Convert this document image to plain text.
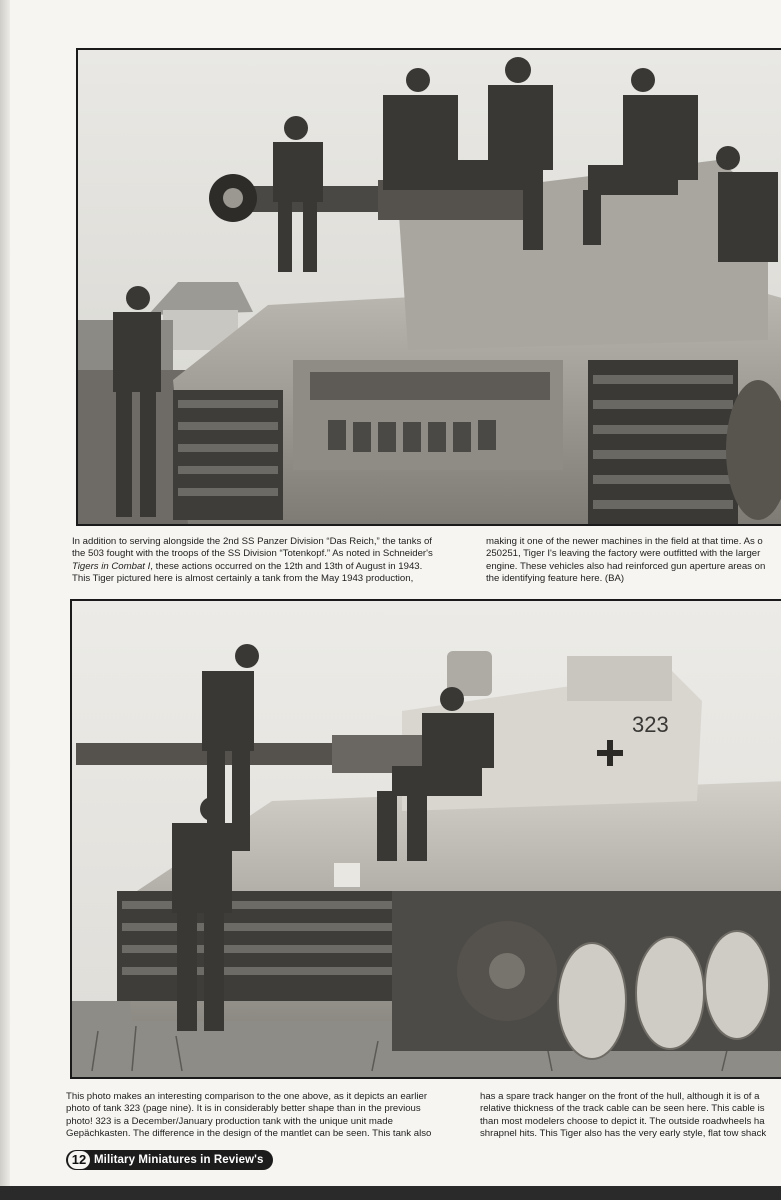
In addition to serving alongside the 2nd SS Panzer Division “Das Reich,” the tanks of
the 503 fought with the troops of the SS Division “Totenkopf.” As noted in Schneider's
Tigers in Combat I, these actions occurred on the 12th and 13th of August in 1943.
This Tiger pictured here is almost certainly a tank from the May 1943 production,
making it one of the newer machines in the field at that time. As o
250251, Tiger I's leaving the factory were outfitted with the larger
engine. These vehicles also had reinforced gun aperture areas on
the identifying feature here. (BA)
323
This photo makes an interesting comparison to the one above, as it depicts an earlier
photo of tank 323 (page nine). It is in considerably better shape than in the previous
photo! 323 is a December/January production tank with the unique unit made
Gepächkasten. The difference in the design of the mantlet can be seen. This tank also
has a spare track hanger on the front of the hull, although it is of a
relative thickness of the track cable can be seen here. This cable is
than most modelers choose to depict it. The outside roadwheels ha
shrapnel hits. This Tiger also has the very early style, flat tow shack
12 Military Miniatures in Review's
